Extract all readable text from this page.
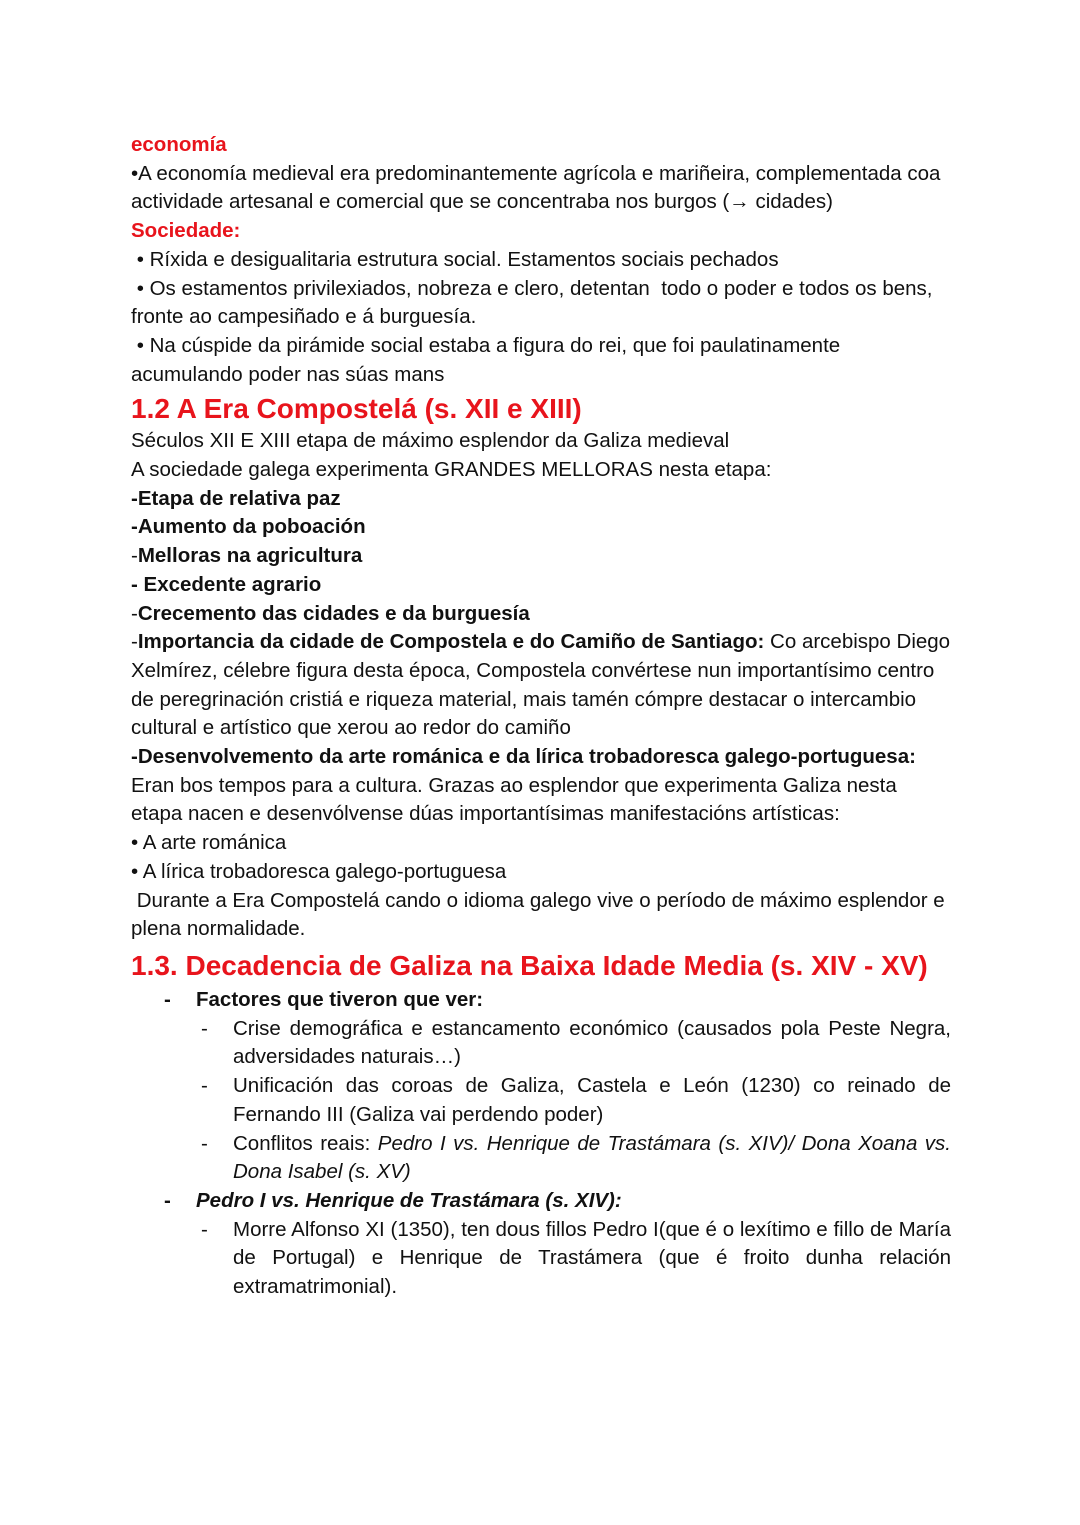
economía

•A economía medieval era predominantemente agrícola e mariñeira, complementada coa actividade artesanal e comercial que se concentraba nos burgos (→ cidades)

Sociedade:

• Ríxida e desigualitaria estrutura social. Estamentos sociais pechados

• Os estamentos privilexiados, nobreza e clero, detentan  todo o poder e todos os bens, fronte ao campesiñado e á burguesía.

• Na cúspide da pirámide social estaba a figura do rei, que foi paulatinamente acumulando poder nas súas mans

1.2 A Era Compostelá (s. XII e XIII)

Séculos XII E XIII etapa de máximo esplendor da Galiza medieval

A sociedade galega experimenta GRANDES MELLORAS nesta etapa:

-Etapa de relativa paz

-Aumento da poboación

-Melloras na agricultura

- Excedente agrario

-Crecemento das cidades e da burguesía

-Importancia da cidade de Compostela e do Camiño de Santiago: Co arcebispo Diego Xelmírez, célebre figura desta época, Compostela convértese nun importantísimo centro de peregrinación cristiá e riqueza material, mais tamén cómpre destacar o intercambio cultural e artístico que xerou ao redor do camiño

-Desenvolvemento da arte románica e da lírica trobadoresca galego-portuguesa: Eran bos tempos para a cultura. Grazas ao esplendor que experimenta Galiza nesta etapa nacen e desenvólvense dúas importantísimas manifestacións artísticas:

• A arte románica

• A lírica trobadoresca galego-portuguesa

Durante a Era Compostelá cando o idioma galego vive o período de máximo esplendor e plena normalidade.

1.3. Decadencia de Galiza na Baixa Idade Media (s. XIV - XV)

- Factores que tiveron que ver:

- Crise demográfica e estancamento económico (causados pola Peste Negra, adversidades naturais…)

- Unificación das coroas de Galiza, Castela e León (1230) co reinado de Fernando III (Galiza vai perdendo poder)

- Conflitos reais: Pedro I vs. Henrique de Trastámara (s. XIV)/ Dona Xoana vs. Dona Isabel (s. XV)

- Pedro I vs. Henrique de Trastámara (s. XIV):

- Morre Alfonso XI (1350), ten dous fillos Pedro I(que é o lexítimo e fillo de María de Portugal) e Henrique de Trastámera (que é froito dunha relación extramatrimonial).
